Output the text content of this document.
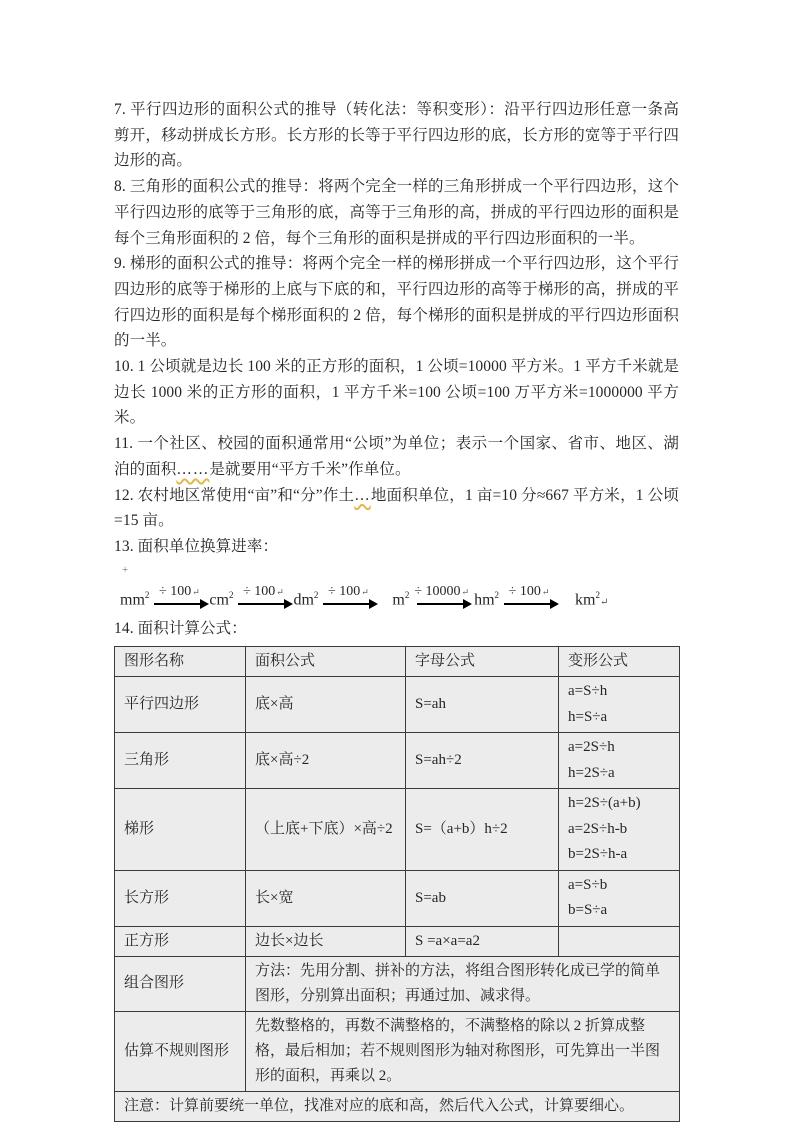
7. 平行四边形的面积公式的推导（转化法：等积变形）：沿平行四边形任意一条高剪开，移动拼成长方形。长方形的长等于平行四边形的底，长方形的宽等于平行四边形的高。

8. 三角形的面积公式的推导：将两个完全一样的三角形拼成一个平行四边形，这个平行四边形的底等于三角形的底，高等于三角形的高，拼成的平行四边形的面积是每个三角形面积的 2 倍，每个三角形的面积是拼成的平行四边形面积的一半。

9. 梯形的面积公式的推导：将两个完全一样的梯形拼成一个平行四边形，这个平行四边形的底等于梯形的上底与下底的和，平行四边形的高等于梯形的高，拼成的平行四边形的面积是每个梯形面积的 2 倍，每个梯形的面积是拼成的平行四边形面积的一半。

10. 1 公顷就是边长 100 米的正方形的面积，1 公顷=10000 平方米。1 平方千米就是边长 1000 米的正方形的面积，1 平方千米=100 公顷=100 万平方米=1000000 平方米。

11. 一个社区、校园的面积通常用“公顷”为单位；表示一个国家、省市、地区、湖泊的面积……是就要用“平方千米”作单位。

12. 农村地区常使用“亩”和“分”作土…地面积单位，1 亩=10 分≈667 平方米，1 公顷=15 亩。

13. 面积单位换算进率：

+
$mm^2$ ÷ 100↵ $cm^2$ ÷ 100↵ $dm^2$ ÷ 100↵ $m^2$ ÷ 10000↵ $hm^2$ ÷ 100↵ $km^2$
↵

14. 面积计算公式：

图形名称	面积公式	字母公式	变形公式
平行四边形	底×高	S=ah	a=S÷h
h=S÷a

三角形	底×高÷2	S=ah÷2	a=2S÷h
h=2S÷a

梯形	（上底+下底）×高÷2	S=（a+b）h÷2	h=2S÷(a+b)
a=2S÷h-b
b=2S÷h-a

长方形	长×宽	S=ab	a=S÷b
b=S÷a

正方形	边长×边长	S =a×a=a2	
组合图形	方法：先用分割、拼补的方法，将组合图形转化成已学的简单图形，分别算出面积；再通过加、减求得。		
估算不规则图形	先数整格的，再数不满整格的，不满整格的除以 2 折算成整格，最后相加；若不规则图形为轴对称图形，可先算出一半图形的面积，再乘以 2。		
注意：计算前要统一单位，找准对应的底和高，然后代入公式，计算要细心。			
